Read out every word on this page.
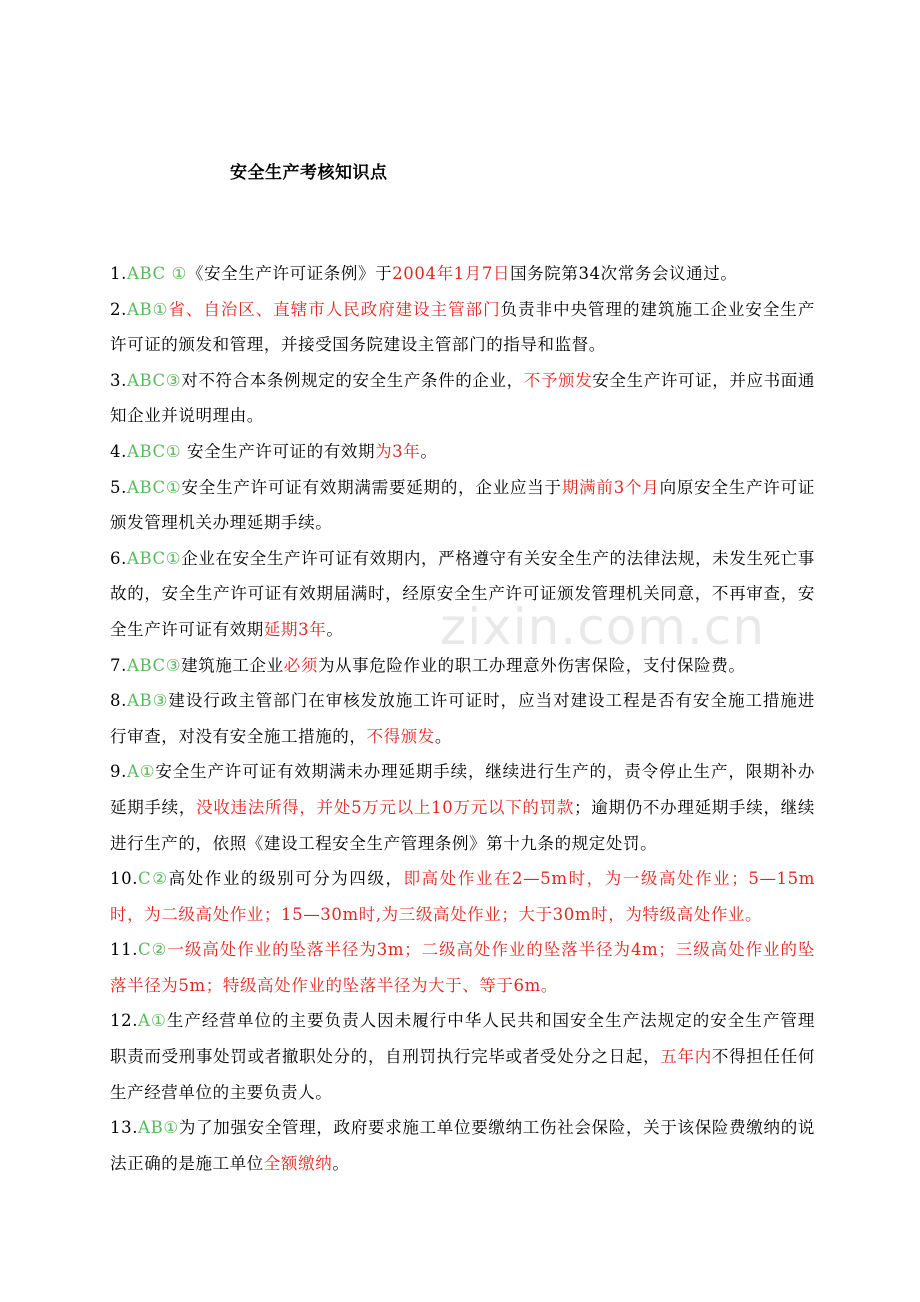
安全生产考核知识点

1.ABC ①《安全生产许可证条例》于2004年1月7日国务院第34次常务会议通过。

2.AB①省、自治区、直辖市人民政府建设主管部门负责非中央管理的建筑施工企业安全生产许可证的颁发和管理，并接受国务院建设主管部门的指导和监督。

3.ABC③对不符合本条例规定的安全生产条件的企业，不予颁发安全生产许可证，并应书面通知企业并说明理由。

4.ABC① 安全生产许可证的有效期为3年。

5.ABC①安全生产许可证有效期满需要延期的，企业应当于期满前3个月向原安全生产许可证颁发管理机关办理延期手续。

6.ABC①企业在安全生产许可证有效期内，严格遵守有关安全生产的法律法规，未发生死亡事故的，安全生产许可证有效期届满时，经原安全生产许可证颁发管理机关同意，不再审查，安全生产许可证有效期延期3年。

7.ABC③建筑施工企业必须为从事危险作业的职工办理意外伤害保险，支付保险费。

8.AB③建设行政主管部门在审核发放施工许可证时，应当对建设工程是否有安全施工措施进行审查，对没有安全施工措施的，不得颁发。

9.A①安全生产许可证有效期满未办理延期手续，继续进行生产的，责令停止生产，限期补办延期手续，没收违法所得，并处5万元以上10万元以下的罚款；逾期仍不办理延期手续，继续进行生产的，依照《建设工程安全生产管理条例》第十九条的规定处罚。

10.C②高处作业的级别可分为四级，即高处作业在2—5m时，为一级高处作业；5—15m时，为二级高处作业；15—30m时,为三级高处作业；大于30m时，为特级高处作业。

11.C②一级高处作业的坠落半径为3m；二级高处作业的坠落半径为4m；三级高处作业的坠落半径为5m；特级高处作业的坠落半径为大于、等于6m。

12.A①生产经营单位的主要负责人因未履行中华人民共和国安全生产法规定的安全生产管理职责而受刑事处罚或者撤职处分的，自刑罚执行完毕或者受处分之日起，五年内不得担任任何生产经营单位的主要负责人。

13.AB①为了加强安全管理，政府要求施工单位要缴纳工伤社会保险，关于该保险费缴纳的说法正确的是施工单位全额缴纳。

zixin.com.cn
